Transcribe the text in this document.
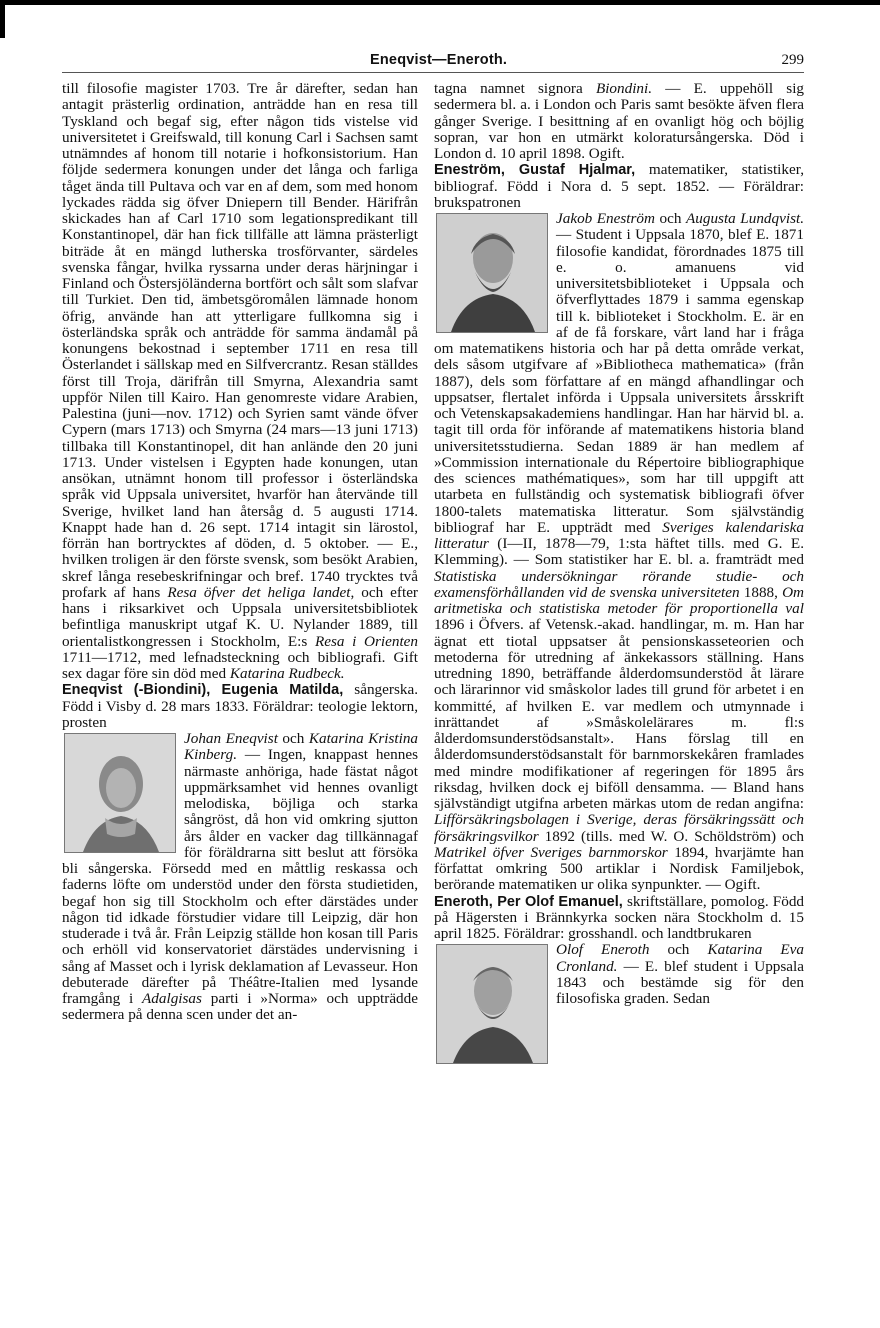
Eneqvist—Eneroth.	299

till filosofie magister 1703. Tre år därefter, sedan han antagit prästerlig ordination, anträdde han en resa till Tyskland och begaf sig, efter någon tids vistelse vid universitetet i Greifswald, till konung Carl i Sachsen samt utnämndes af honom till notarie i hofkonsistorium. Han följde sedermera konungen under det långa och farliga tåget ända till Pultava och var en af dem, som med honom lyckades rädda sig öfver Dniepern till Bender. Härifrån skickades han af Carl 1710 som legationspredikant till Konstantinopel, där han fick tillfälle att lämna prästerligt biträde åt en mängd lutherska trosförvanter, särdeles svenska fångar, hvilka ryssarna under deras härjningar i Finland och Östersjöländerna bortfört och sålt som slafvar till Turkiet. Den tid, ämbetsgöromålen lämnade honom öfrig, använde han att ytterligare fullkomna sig i österländska språk och anträdde för samma ändamål på konungens bekostnad i september 1711 en resa till Österlandet i sällskap med en Silfvercrantz. Resan ställdes först till Troja, därifrån till Smyrna, Alexandria samt uppför Nilen till Kairo. Han genomreste vidare Arabien, Palestina (juni—nov. 1712) och Syrien samt vände öfver Cypern (mars 1713) och Smyrna (24 mars—13 juni 1713) tillbaka till Konstantinopel, dit han anlände den 20 juni 1713. Under vistelsen i Egypten hade konungen, utan ansökan, utnämnt honom till professor i österländska språk vid Uppsala universitet, hvarför han återvände till Sverige, hvilket land han återsåg d. 5 augusti 1714. Knappt hade han d. 26 sept. 1714 intagit sin lärostol, förrän han bortrycktes af döden, d. 5 oktober. — E., hvilken troligen är den förste svensk, som besökt Arabien, skref långa resebeskrifningar och bref. 1740 trycktes två profark af hans Resa öfver det heliga landet, och efter hans i riksarkivet och Uppsala universitetsbibliotek befintliga manuskript utgaf K. U. Nylander 1889, till orientalistkongressen i Stockholm, E:s Resa i Orienten 1711—1712, med lefnadsteckning och bibliografi. Gift sex dagar före sin död med Katarina Rudbeck.

Eneqvist (-Biondini), Eugenia Matilda, sångerska. Född i Visby d. 28 mars 1833. Föräldrar: teologie lektorn, prosten

Johan Eneqvist och Katarina Kristina Kinberg. — Ingen, knappast hennes närmaste anhöriga, hade fästat något uppmärksamhet vid hennes ovanligt melodiska, böjliga och starka sångröst, då hon vid omkring sjutton års ålder en vacker dag tillkännagaf för föräldrarna sitt beslut att försöka bli sångerska. Försedd med en måttlig reskassa och faderns löfte om understöd under den första studietiden, begaf hon sig till Stockholm och efter därstädes under någon tid idkade förstudier vidare till Leipzig, där hon studerade i två år. Från Leipzig ställde hon kosan till Paris och erhöll vid konservatoriet därstädes undervisning i sång af Masset och i lyrisk deklamation af Levasseur. Hon debuterade därefter på Théâtre-Italien med lysande framgång i Adalgisas parti i »Norma» och uppträdde sedermera på denna scen under det an-

tagna namnet signora Biondini. — E. uppehöll sig sedermera bl. a. i London och Paris samt besökte äfven flera gånger Sverige. I besittning af en ovanligt hög och böjlig sopran, var hon en utmärkt koloratursångerska. Död i London d. 10 april 1898. Ogift.

Eneström, Gustaf Hjalmar, matematiker, statistiker, bibliograf. Född i Nora d. 5 sept. 1852. — Föräldrar: brukspatronen

Jakob Eneström och Augusta Lundqvist. — Student i Uppsala 1870, blef E. 1871 filosofie kandidat, förordnades 1875 till e. o. amanuens vid universitetsbiblioteket i Uppsala och öfverflyttades 1879 i samma egenskap till k. biblioteket i Stockholm. E. är en af de få forskare, vårt land har i fråga om matematikens historia och har på detta område verkat, dels såsom utgifvare af »Bibliotheca mathematica» (från 1887), dels som författare af en mängd afhandlingar och uppsatser, flertalet införda i Uppsala universitets årsskrift och Vetenskapsakademiens handlingar. Han har härvid bl. a. tagit till orda för införande af matematikens historia bland universitetsstudierna. Sedan 1889 är han medlem af »Commission internationale du Répertoire bibliographique des sciences mathématiques», som har till uppgift att utarbeta en fullständig och systematisk bibliografi öfver 1800-talets matematiska litteratur. Som självständig bibliograf har E. uppträdt med Sveriges kalendariska litteratur (I—II, 1878—79, 1:sta häftet tills. med G. E. Klemming). — Som statistiker har E. bl. a. framträdt med Statistiska undersökningar rörande studie- och examensförhållanden vid de svenska universiteten 1888, Om aritmetiska och statistiska metoder för proportionella val 1896 i Öfvers. af Vetensk.-akad. handlingar, m. m. Han har ägnat ett tiotal uppsatser åt pensionskasseteorien och metoderna för utredning af änkekassors ställning. Hans utredning 1890, beträffande ålderdomsunderstöd åt lärare och lärarinnor vid småskolor lades till grund för arbetet i en kommitté, af hvilken E. var medlem och utmynnade i inrättandet af »Småskolelärares m. fl:s ålderdomsunderstödsanstalt». Hans förslag till en ålderdomsunderstödsanstalt för barnmorskekåren framlades med mindre modifikationer af regeringen för 1895 års riksdag, hvilken dock ej biföll densamma. — Bland hans självständigt utgifna arbeten märkas utom de redan angifna: Lifförsäkringsbolagen i Sverige, deras försäkringssätt och försäkringsvilkor 1892 (tills. med W. O. Schöldström) och Matrikel öfver Sveriges barnmorskor 1894, hvarjämte han författat omkring 500 artiklar i Nordisk Familjebok, berörande matematiken ur olika synpunkter. — Ogift.

Eneroth, Per Olof Emanuel, skriftställare, pomolog. Född på Hägersten i Brännkyrka socken nära Stockholm d. 15 april 1825. Föräldrar: grosshandl. och landtbrukaren

Olof Eneroth och Katarina Eva Cronland. — E. blef student i Uppsala 1843 och bestämde sig för den filosofiska graden. Sedan
